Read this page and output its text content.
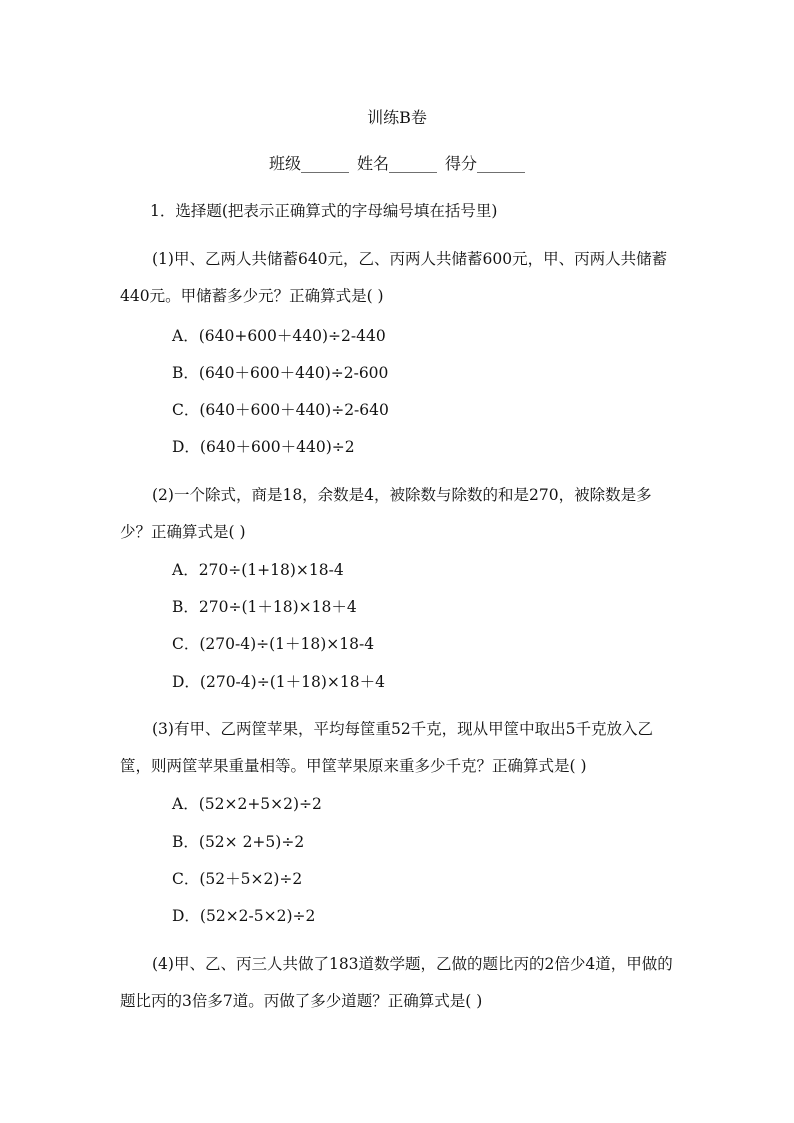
训练B卷
班级______ 姓名______ 得分______
1．选择题(把表示正确算式的字母编号填在括号里)
(1)甲、乙两人共储蓄640元，乙、丙两人共储蓄600元，甲、丙两人共储蓄440元。甲储蓄多少元？正确算式是( )
A．(640+600＋440)÷2-440
B．(640＋600＋440)÷2-600
C．(640＋600＋440)÷2-640
D．(640＋600＋440)÷2
(2)一个除式，商是18，余数是4，被除数与除数的和是270，被除数是多少？正确算式是( )
A．270÷(1+18)×18-4
B．270÷(1＋18)×18＋4
C．(270-4)÷(1＋18)×18-4
D．(270-4)÷(1＋18)×18＋4
(3)有甲、乙两筐苹果，平均每筐重52千克，现从甲筐中取出5千克放入乙筐，则两筐苹果重量相等。甲筐苹果原来重多少千克？正确算式是( )
A．(52×2+5×2)÷2
B．(52× 2+5)÷2
C．(52＋5×2)÷2
D．(52×2-5×2)÷2
(4)甲、乙、丙三人共做了183道数学题，乙做的题比丙的2倍少4道，甲做的题比丙的3倍多7道。丙做了多少道题？正确算式是( )
